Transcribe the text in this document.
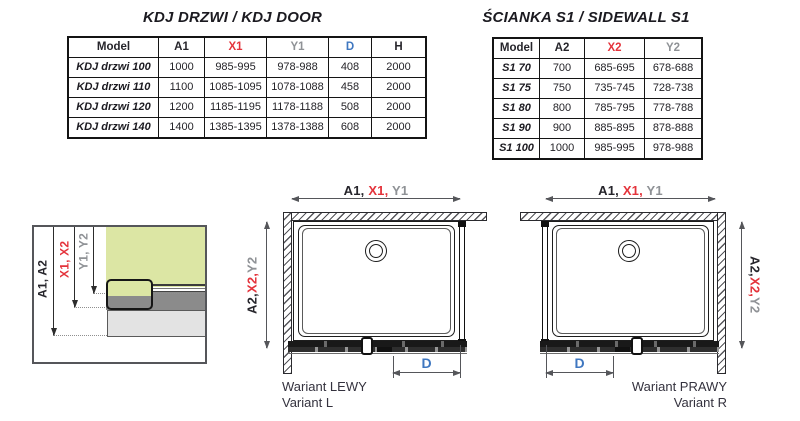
KDJ DRZWI / KDJ DOOR
Model	A1	X1	Y1	D	H
KDJ drzwi 100	1000	985-995	978-988	408	2000
KDJ drzwi 110	1100	1085-1095	1078-1088	458	2000
KDJ drzwi 120	1200	1185-1195	1178-1188	508	2000
KDJ drzwi 140	1400	1385-1395	1378-1388	608	2000
ŚCIANKA S1 / SIDEWALL S1
Model	A2	X2	Y2
S1 70	700	685-695	678-688
S1 75	750	735-745	728-738
S1 80	800	785-795	778-788
S1 90	900	885-895	878-888
S1 100	1000	985-995	978-988
A1, A2
X1, X2 Y1, Y2
A1, X1, Y1
A2,
X2,
Y2
D
Wariant LEWY
Variant L
A1, X1, Y1
A2,
X2,
Y2
D
Wariant PRAWY
Variant R
